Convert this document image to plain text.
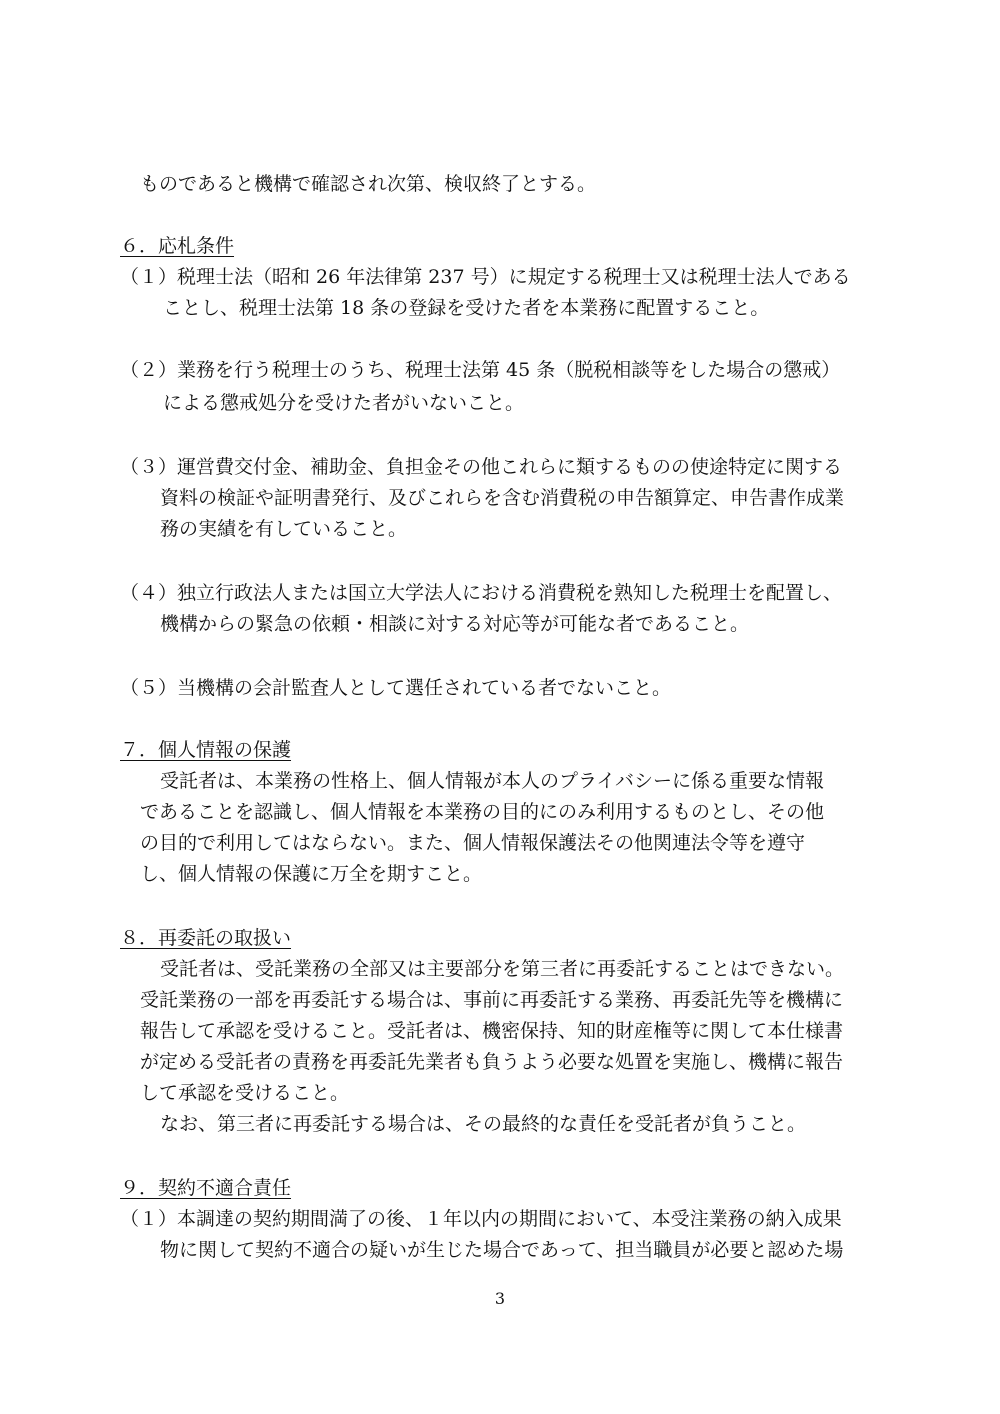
ものであると機構で確認され次第、検収終了とする。
６．応札条件
（１）税理士法（昭和 26 年法律第 237 号）に規定する税理士又は税理士法人である
ことし、税理士法第 18 条の登録を受けた者を本業務に配置すること。
（２）業務を行う税理士のうち、税理士法第 45 条（脱税相談等をした場合の懲戒）
による懲戒処分を受けた者がいないこと。
（３）運営費交付金、補助金、負担金その他これらに類するものの使途特定に関する
資料の検証や証明書発行、及びこれらを含む消費税の申告額算定、申告書作成業
務の実績を有していること。
（４）独立行政法人または国立大学法人における消費税を熟知した税理士を配置し、
機構からの緊急の依頼・相談に対する対応等が可能な者であること。
（５）当機構の会計監査人として選任されている者でないこと。
７．個人情報の保護
受託者は、本業務の性格上、個人情報が本人のプライバシーに係る重要な情報
であることを認識し、個人情報を本業務の目的にのみ利用するものとし、その他
の目的で利用してはならない。また、個人情報保護法その他関連法令等を遵守
し、個人情報の保護に万全を期すこと。
８．再委託の取扱い
受託者は、受託業務の全部又は主要部分を第三者に再委託することはできない。
受託業務の一部を再委託する場合は、事前に再委託する業務、再委託先等を機構に
報告して承認を受けること。受託者は、機密保持、知的財産権等に関して本仕様書
が定める受託者の責務を再委託先業者も負うよう必要な処置を実施し、機構に報告
して承認を受けること。
なお、第三者に再委託する場合は、その最終的な責任を受託者が負うこと。
９．契約不適合責任
（１）本調達の契約期間満了の後、１年以内の期間において、本受注業務の納入成果
物に関して契約不適合の疑いが生じた場合であって、担当職員が必要と認めた場
3
